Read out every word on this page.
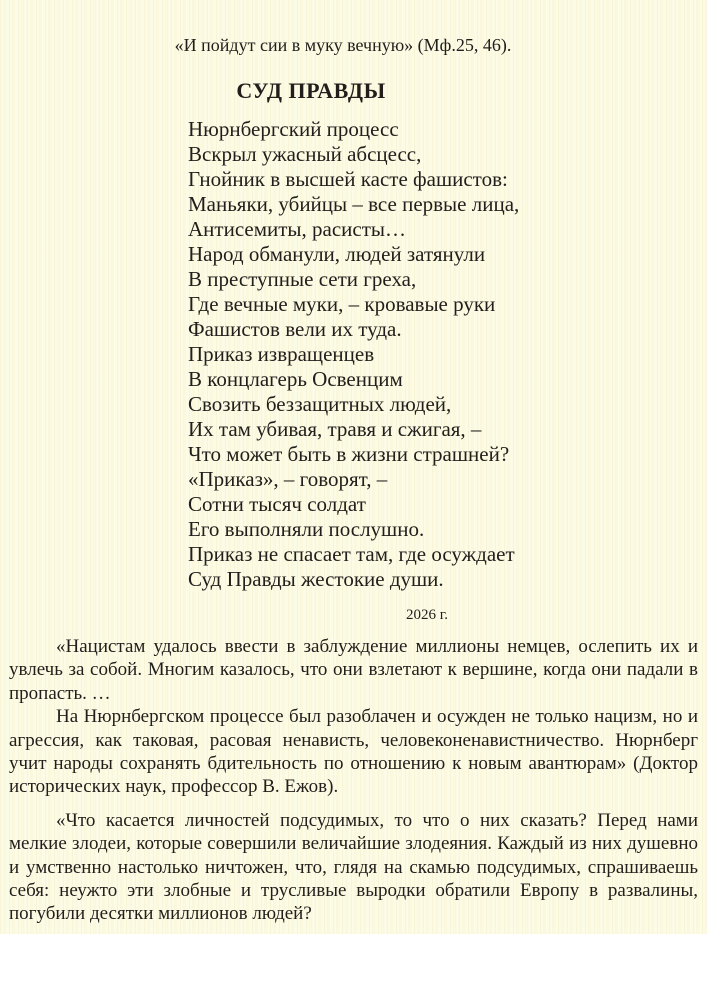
«И пойдут сии в муку вечную» (Мф.25, 46).
СУД ПРАВДЫ
Нюрнбергский процесс
Вскрыл ужасный абсцесс,
Гнойник в высшей касте фашистов:
Маньяки, убийцы – все первые лица,
Антисемиты, расисты…
Народ обманули, людей затянули
В преступные сети греха,
Где вечные муки, – кровавые руки
Фашистов вели их туда.
Приказ извращенцев
В концлагерь Освенцим
Свозить беззащитных людей,
Их там убивая, травя и сжигая, –
Что может быть в жизни страшней?
«Приказ», – говорят, –
Сотни тысяч солдат
Его выполняли послушно.
Приказ не спасает там, где осуждает
Суд Правды жестокие души.
2026 г.

«Нацистам удалось ввести в заблуждение миллионы немцев, ослепить их и увлечь за собой. Многим казалось, что они взлетают к вершине, когда они падали в пропасть. …

На Нюрнбергском процессе был разоблачен и осужден не только нацизм, но и агрессия, как таковая, расовая ненависть, человеконенавистничество. Нюрнберг учит народы сохранять бдительность по отношению к новым авантюрам» (Доктор исторических наук, профессор В. Ежов).

«Что касается личностей подсудимых, то что о них сказать? Перед нами мелкие злодеи, которые совершили величайшие злодеяния. Каждый из них душевно и умственно настолько ничтожен, что, глядя на скамью подсудимых, спрашиваешь себя: неужто эти злобные и трусливые выродки обратили Европу в развалины, погубили десятки миллионов людей?
